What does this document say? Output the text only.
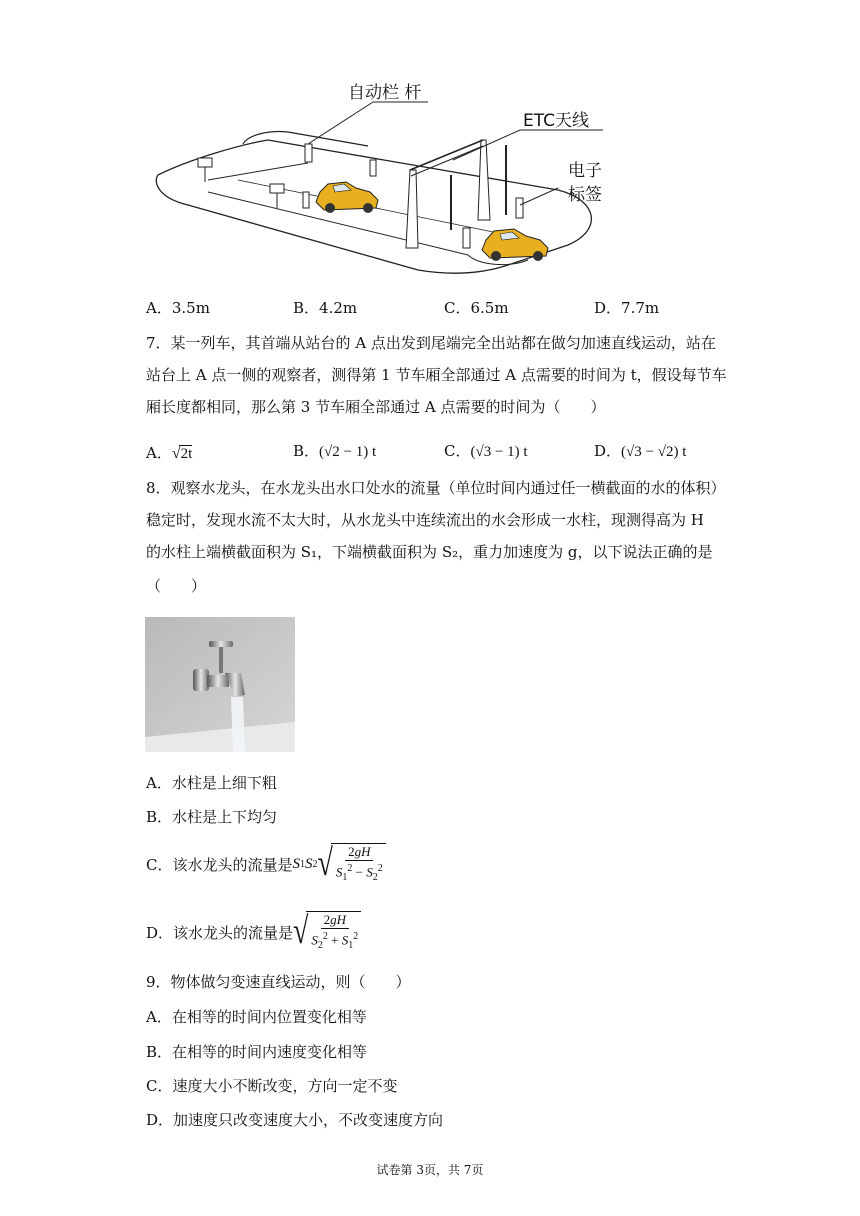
自动栏 杆
ETC天线
电子
标签
A．3.5m	B．4.2m	C．6.5m	D．7.7m
7．某一列车，其首端从站台的 A 点出发到尾端完全出站都在做匀加速直线运动，站在
站台上 A 点一侧的观察者，测得第 1 节车厢全部通过 A 点需要的时间为 t，假设每节车
厢长度都相同，那么第 3 节车厢全部通过 A 点需要的时间为（　　）
A． √ 2t	B．(√2 − 1) t	C．(√3 − 1) t	D．(√3 − √2) t
8．观察水龙头，在水龙头出水口处水的流量（单位时间内通过任一横截面的水的体积）
稳定时，发现水流不太大时，从水龙头中连续流出的水会形成一水柱，现测得高为 H
的水柱上端横截面积为 S₁，下端横截面积为 S₂，重力加速度为 g，以下说法正确的是
（　　）
A．水柱是上细下粗
B．水柱是上下均匀
C．该水龙头的流量是 S 1 S 2 √ $\frac{2gH}{S_1^2 - S_2^2}$
D．该水龙头的流量是 √ $\frac{2gH}{S_2^2 + S_1^2}$
9．物体做匀变速直线运动，则（　　）
A．在相等的时间内位置变化相等
B．在相等的时间内速度变化相等
C．速度大小不断改变，方向一定不变
D．加速度只改变速度大小，不改变速度方向
试卷第 3页，共 7页
